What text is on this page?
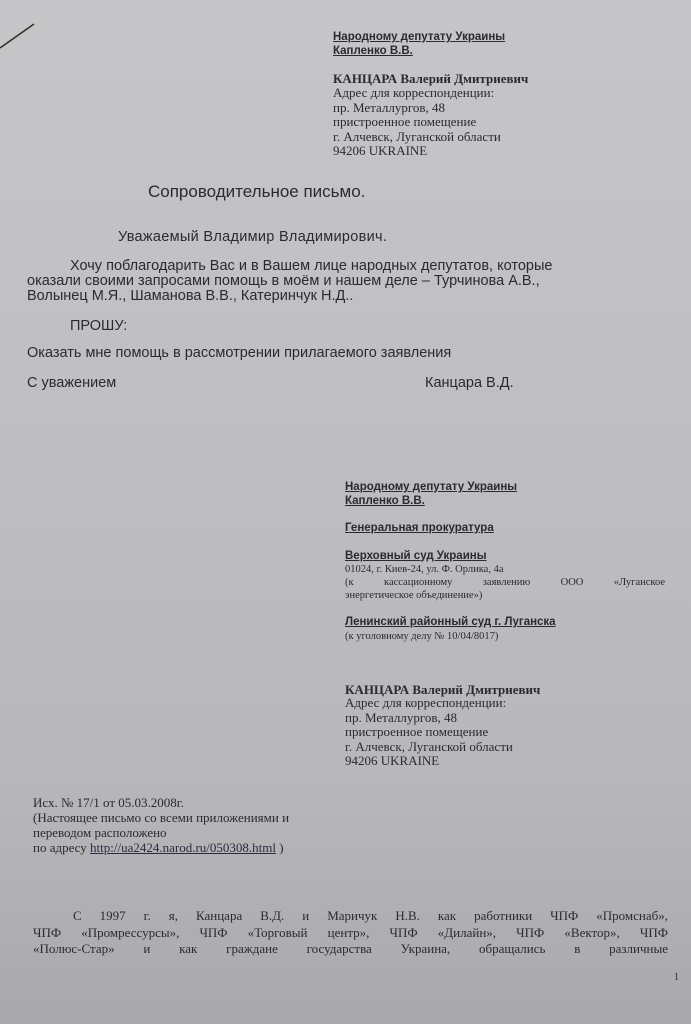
Народному депутату Украины
Капленко В.В.
КАНЦАРА Валерий Дмитриевич
Адрес для корреспонденции:
пр. Металлургов, 48
пристроенное помещение
г. Алчевск, Луганской области
94206 UKRAINE
Сопроводительное письмо.
Уважаемый Владимир Владимирович.
Хочу поблагодарить Вас и в Вашем лице народных депутатов, которые
оказали своими запросами помощь в моём и нашем деле – Турчинова А.В.,
Волынец М.Я., Шаманова В.В., Катеринчук Н.Д..
ПРОШУ:
Оказать мне помощь в рассмотрении прилагаемого заявления
С уважением	Канцара В.Д.
Народному депутату Украины
Капленко В.В.
Генеральная прокуратура
Верховный суд Украины
01024, г. Киев-24, ул. Ф. Орлика, 4а
(к кассационному заявлению ООО «Луганское
энергетическое объединение»)
Ленинский районный суд г. Луганска
(к уголовному делу № 10/04/8017)
КАНЦАРА Валерий Дмитриевич
Адрес для корреспонденции:
пр. Металлургов, 48
пристроенное помещение
г. Алчевск, Луганской области
94206 UKRAINE
Исх. № 17/1 от 05.03.2008г.
(Настоящее письмо со всеми приложениями и
переводом расположено
по адресу http://ua2424.narod.ru/050308.html )
С 1997 г. я, Канцара В.Д. и Маричук Н.В. как работники ЧПФ «Промснаб»,
ЧПФ «Промрессурсы», ЧПФ «Торговый центр», ЧПФ «Дилайн», ЧПФ «Вектор», ЧПФ
«Полюс-Стар» и как граждане государства Украина, обращались в различные
1
